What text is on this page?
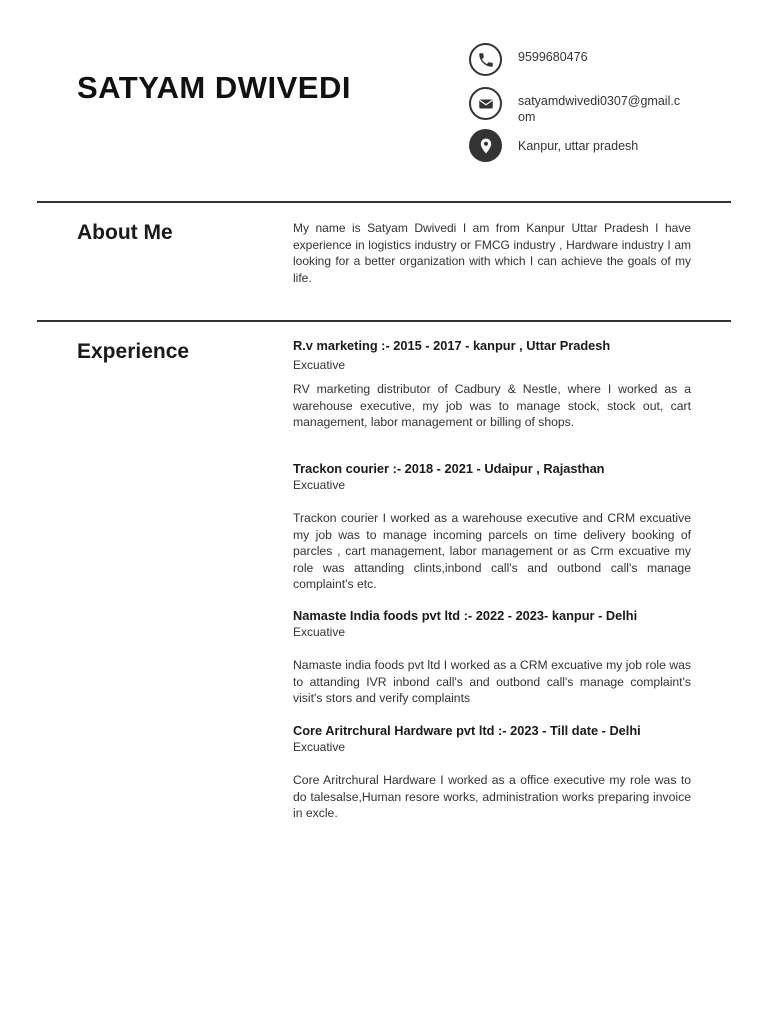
SATYAM DWIVEDI
9599680476
satyamdwivedi0307@gmail.com
Kanpur, uttar pradesh
About Me	My name is Satyam Dwivedi I am from Kanpur Uttar Pradesh I have experience in logistics industry or FMCG industry , Hardware industry I am looking for a better organization with which I can achieve the goals of my life.
Experience	R.v marketing :- 2015 - 2017 - kanpur , Uttar Pradesh
Excuative
RV marketing distributor of Cadbury & Nestle, where I worked as a warehouse executive, my job was to manage stock, stock out, cart management, labor management or billing of shops.
Trackon courier :- 2018 - 2021 - Udaipur , Rajasthan
Excuative
Trackon courier I worked as a warehouse executive and CRM excuative my job was to manage incoming parcels on time delivery booking of parcles , cart management, labor management or as Crm excuative my role was attanding clints,inbond call's and outbond call's manage complaint's etc.
Namaste India foods pvt ltd :- 2022 - 2023- kanpur - Delhi
Excuative
Namaste india foods pvt ltd I worked as a CRM excuative my job role was to attanding IVR inbond call's and outbond call's manage complaint's visit's stors and verify complaints
Core Aritrchural Hardware pvt ltd :- 2023 - Till date - Delhi
Excuative
Core Aritrchural Hardware I worked as a office executive my role was to do talesalse,Human resore works, administration works preparing invoice in excle.
